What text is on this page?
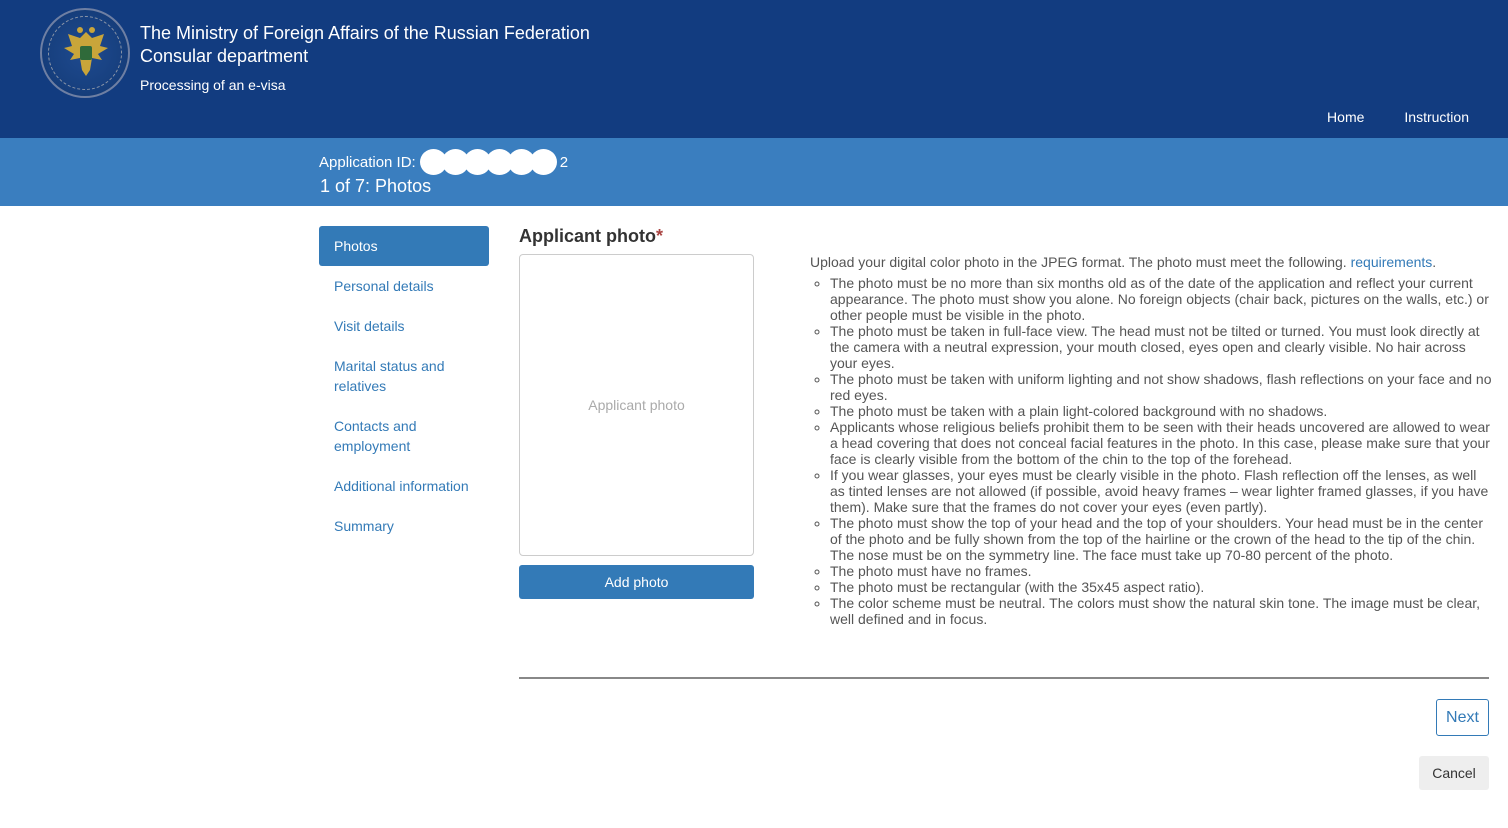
The Ministry of Foreign Affairs of the Russian Federation
Consular department
Processing of an e-visa
Home	Instruction
Application ID:	2
1 of 7: Photos
Photos
Personal details
Visit details
Marital status and relatives
Contacts and employment
Additional information
Summary
Applicant photo*
Applicant photo
Add photo

Upload your digital color photo in the JPEG format. The photo must meet the following. requirements.

◦ The photo must be no more than six months old as of the date of the application and reflect your current appearance. The photo must show you alone. No foreign objects (chair back, pictures on the walls, etc.) or other people must be visible in the photo.
◦ The photo must be taken in full-face view. The head must not be tilted or turned. You must look directly at the camera with a neutral expression, your mouth closed, eyes open and clearly visible. No hair across your eyes.
◦ The photo must be taken with uniform lighting and not show shadows, flash reflections on your face and no red eyes.
◦ The photo must be taken with a plain light-colored background with no shadows.
◦ Applicants whose religious beliefs prohibit them to be seen with their heads uncovered are allowed to wear a head covering that does not conceal facial features in the photo. In this case, please make sure that your face is clearly visible from the bottom of the chin to the top of the forehead.
◦ If you wear glasses, your eyes must be clearly visible in the photo. Flash reflection off the lenses, as well as tinted lenses are not allowed (if possible, avoid heavy frames – wear lighter framed glasses, if you have them). Make sure that the frames do not cover your eyes (even partly).
◦ The photo must show the top of your head and the top of your shoulders. Your head must be in the center of the photo and be fully shown from the top of the hairline or the crown of the head to the tip of the chin. The nose must be on the symmetry line. The face must take up 70-80 percent of the photo.
◦ The photo must have no frames.
◦ The photo must be rectangular (with the 35x45 aspect ratio).
◦ The color scheme must be neutral. The colors must show the natural skin tone. The image must be clear, well defined and in focus.
Next
Cancel
